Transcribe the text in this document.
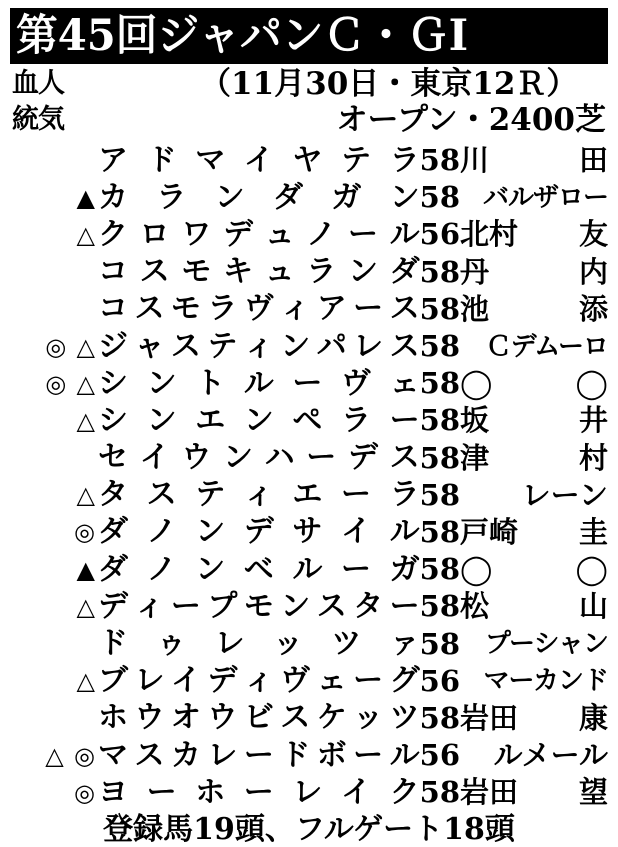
第45回ジャパンＣ・ＧⅠ
血人
統気
（11月30日・東京12Ｒ）
オープン・2400芝
ア ド マ イ ヤ テ ラ 58 川	田
▲ カ ラ ン ダ ガ ン 58 バルザロー
△ ク ロ ワ デ ュ ノ ー ル 56 北村 友
コ ス モ キ ュ ラ ン ダ 58 丹	内
コ ス モ ラ ヴ ィ ア ー ス 58 池	添
◎ △ ジ ャ ス テ ィ ン パ レ ス 58 Ｃデムーロ
◎ △ シ ン ト ル ー ヴ ェ 58 ◯	◯
△ シ ン エ ン ペ ラ ー 58 坂	井
セ イ ウ ン ハ ー デ ス 58 津	村
△ タ ス テ ィ エ ー ラ 58	レーン
◎ ダ ノ ン デ サ イ ル 58 戸崎 圭
▲ ダ ノ ン ベ ル ー ガ 58 ◯	◯
△ デ ィ ー プ モ ン ス タ ー 58 松	山
ド ゥ レ ッ ツ ァ 58 プーシャン
△ ブ レ イ デ ィ ヴ ェ ー グ 56 マーカンド
ホ ウ オ ウ ビ ス ケ ッ ツ 58 岩田 康
△ ◎ マ ス カ レ ー ド ボ ー ル 56	ルメール
◎ ヨ ー ホ ー レ イ ク 58 岩田 望
登録馬19頭、フルゲート18頭
